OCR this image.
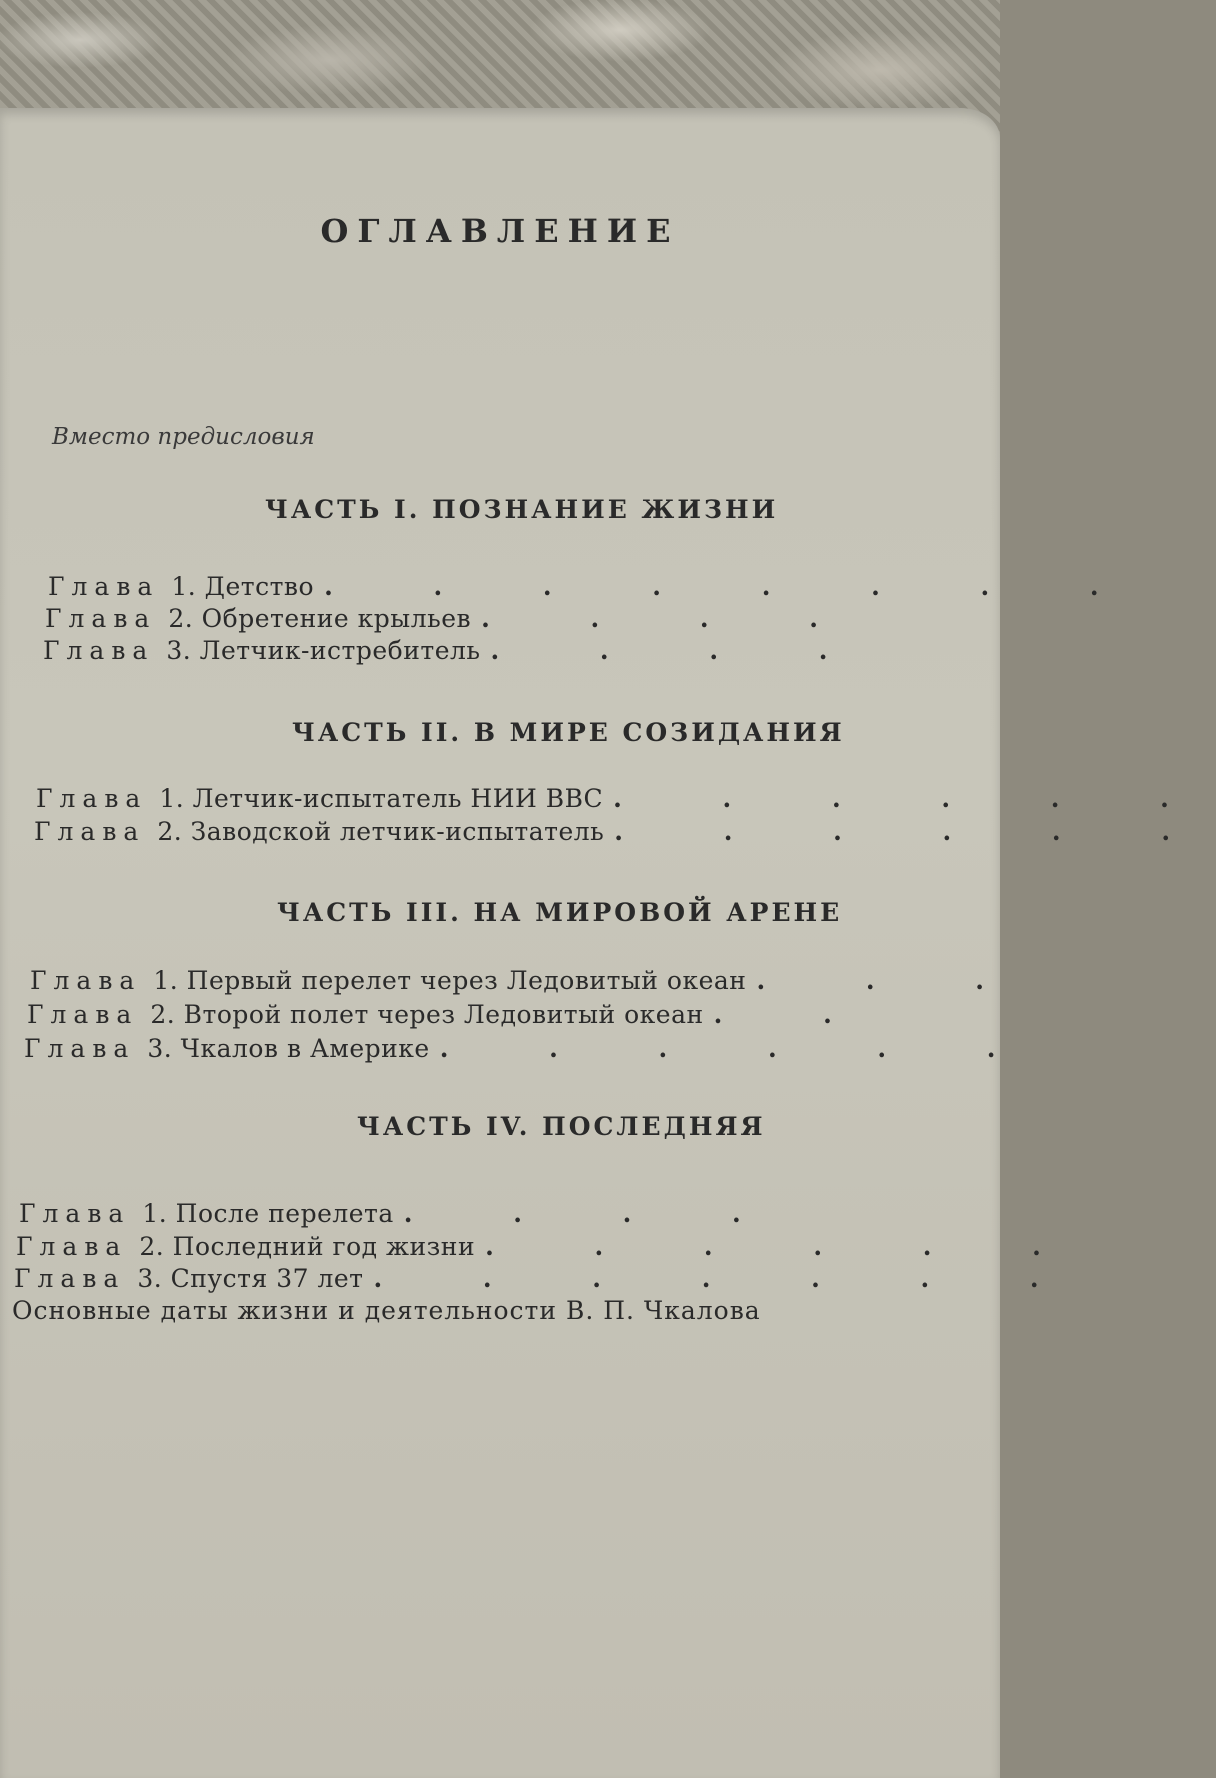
ОГЛАВЛЕНИЕ
Вместо предисловия
ЧАСТЬ I. ПОЗНАНИЕ ЖИЗНИ
Глава 1. Детство . . . . . . . .
Глава 2. Обретение крыльев . . . .
Глава 3. Летчик-истребитель . . . .
ЧАСТЬ II. В МИРЕ СОЗИДАНИЯ
Глава 1. Летчик-испытатель НИИ ВВС . . . . . .
Глава 2. Заводской летчик-испытатель . . . . . .
ЧАСТЬ III. НА МИРОВОЙ АРЕНЕ
Глава 1. Первый перелет через Ледовитый океан . . .
Глава 2. Второй полет через Ледовитый океан . .
Глава 3. Чкалов в Америке . . . . . .
ЧАСТЬ IV. ПОСЛЕДНЯЯ
Глава 1. После перелета . . . .
Глава 2. Последний год жизни . . . . . .
Глава 3. Спустя 37 лет . . . . . . .
Основные даты жизни и деятельности В. П. Чкалова
